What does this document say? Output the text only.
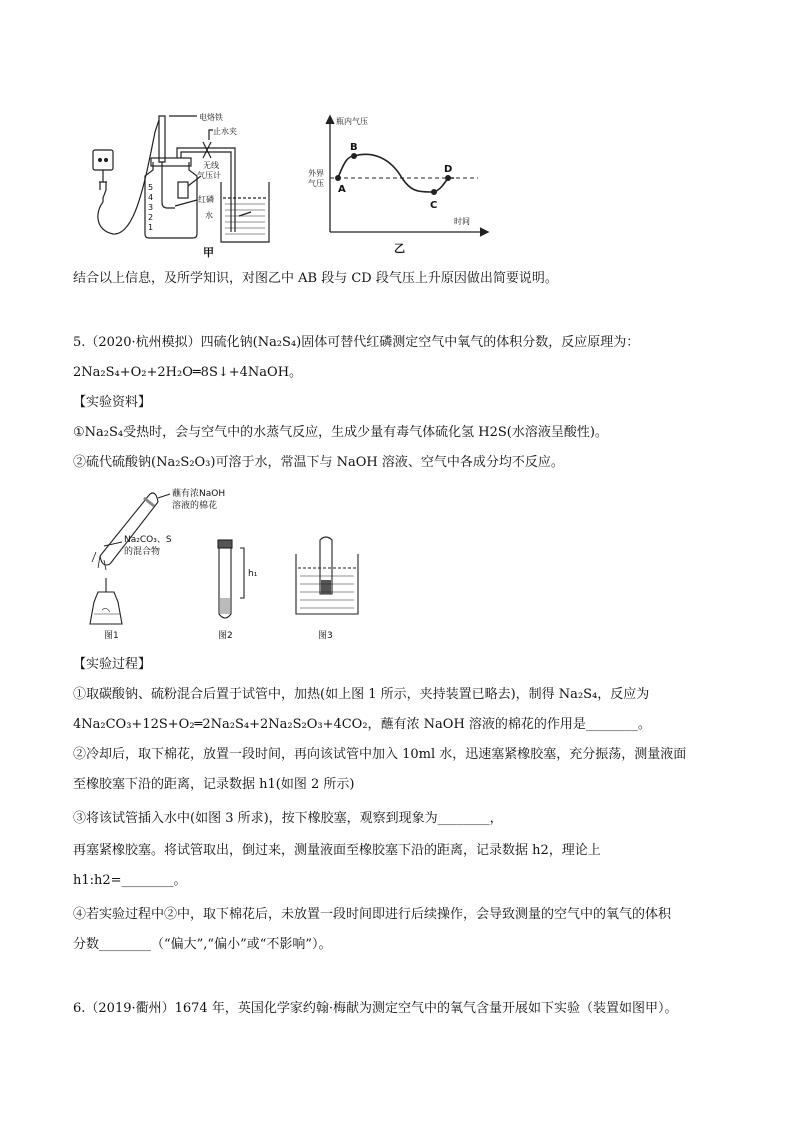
电烙铁
止水夹
无线
气压计
红磷
水
5
4
3
2
1
甲
瓶内气压
外界
气压
A
B
C
D
时间
乙
结合以上信息，及所学知识，对图乙中 AB 段与 CD 段气压上升原因做出简要说明。
5.（2020·杭州模拟）四硫化钠(Na₂S₄)固体可替代红磷测定空气中氧气的体积分数，反应原理为：
2Na₂S₄+O₂+2H₂O═8S↓+4NaOH。
【实验资料】
①Na₂S₄受热时，会与空气中的水蒸气反应，生成少量有毒气体硫化氢 H2S(水溶液呈酸性)。
②硫代硫酸钠(Na₂S₂O₃)可溶于水，常温下与 NaOH 溶液、空气中各成分均不反应。
蘸有浓NaOH
溶液的棉花
Na₂CO₃、S
的混合物
h₁
图1	图2	图3
【实验过程】
①取碳酸钠、硫粉混合后置于试管中，加热(如上图 1 所示，夹持装置已略去)，制得 Na₂S₄，反应为
4Na₂CO₃+12S+O₂═2Na₂S₄+2Na₂S₂O₃+4CO₂，蘸有浓 NaOH 溶液的棉花的作用是________。
②冷却后，取下棉花，放置一段时间，再向该试管中加入 10ml 水，迅速塞紧橡胶塞，充分振荡，测量液面
至橡胶塞下沿的距离，记录数据 h1(如图 2 所示)
③将该试管插入水中(如图 3 所求)，按下橡胶塞，观察到现象为________，
再塞紧橡胶塞。将试管取出，倒过来，测量液面至橡胶塞下沿的距离，记录数据 h2，理论上
h1:h2=________。
④若实验过程中②中，取下棉花后，未放置一段时间即进行后续操作，会导致测量的空气中的氧气的体积
分数________（“偏大”,“偏小”或“不影响”）。
6.（2019·衢州）1674 年，英国化学家约翰·梅献为测定空气中的氧气含量开展如下实验（装置如图甲）。
